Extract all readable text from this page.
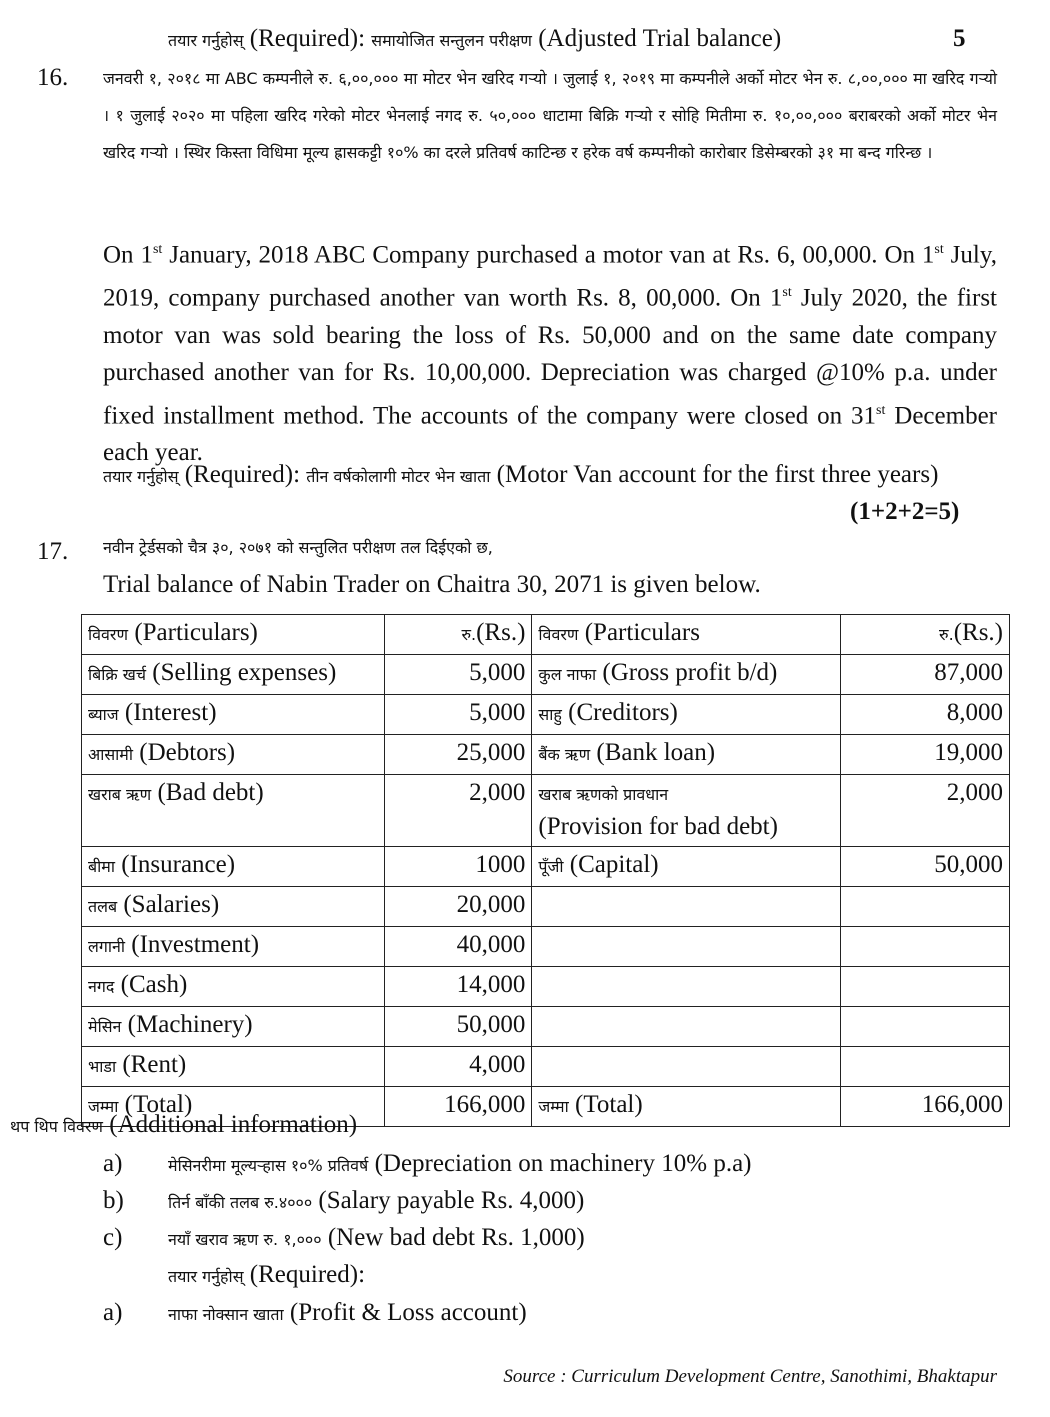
तयार गर्नुहोस् (Required): समायोजित सन्तुलन परीक्षण (Adjusted Trial balance)	5
16. जनवरी १, २०१८ मा ABC कम्पनीले रु. ६,००,००० मा मोटर भेन खरिद गऱ्यो । जुलाई १, २०१९ मा कम्पनीले अर्को मोटर भेन रु. ८,००,००० मा खरिद गऱ्यो । १ जुलाई २०२० मा पहिला खरिद गरेको मोटर भेनलाई नगद रु. ५०,००० धाटामा बिक्रि गऱ्यो र सोहि मितीमा रु. १०,००,००० बराबरको अर्को मोटर भेन खरिद गऱ्यो । स्थिर किस्ता विधिमा मूल्य ह्रासकट्टी १०% का दरले प्रतिवर्ष काटिन्छ र हरेक वर्ष कम्पनीको कारोबार डिसेम्बरको ३१ मा बन्द गरिन्छ ।
On 1st January, 2018 ABC Company purchased a motor van at Rs. 6, 00,000. On 1st July, 2019, company purchased another van worth Rs. 8, 00,000. On 1st July 2020, the first motor van was sold bearing the loss of Rs. 50,000 and on the same date company purchased another van for Rs. 10,00,000. Depreciation was charged @10% p.a. under fixed installment method. The accounts of the company were closed on 31st December each year.
तयार गर्नुहोस् (Required): तीन वर्षकोलागी मोटर भेन खाता (Motor Van account for the first three years)
(1+2+2=5)
17. नवीन ट्रेर्डसको चैत्र ३०, २०७१ को सन्तुलित परीक्षण तल दिईएको छ,
Trial balance of Nabin Trader on Chaitra 30, 2071 is given below.
विवरण (Particulars)	रु.(Rs.)	विवरण (Particulars	रु.(Rs.)
बिक्रि खर्च (Selling expenses)	5,000	कुल नाफा (Gross profit b/d)	87,000
ब्याज (Interest)	5,000	साहु (Creditors)	8,000
आसामी (Debtors)	25,000	बैंक ऋण (Bank loan)	19,000
खराब ऋण (Bad debt)	2,000	खराब ऋणको प्रावधान
(Provision for bad debt)	2,000
बीमा (Insurance)	1000	पूँजी (Capital)	50,000
तलब (Salaries)	20,000		
लगानी (Investment)	40,000		
नगद (Cash)	14,000		
मेसिन (Machinery)	50,000		
भाडा (Rent)	4,000		
जम्मा (Total)	166,000	जम्मा (Total)	166,000
थप थिप विवरण (Additional information)
a)	मेसिनरीमा मूल्यऱ्हास १०% प्रतिवर्ष (Depreciation on machinery 10% p.a)
b)	तिर्न बाँकी तलब रु.४००० (Salary payable Rs. 4,000)
c)	नयाँ खराव ऋण रु. १,००० (New bad debt Rs. 1,000)
तयार गर्नुहोस् (Required):
a)	नाफा नोक्सान खाता (Profit & Loss account)
Source : Curriculum Development Centre, Sanothimi, Bhaktapur
